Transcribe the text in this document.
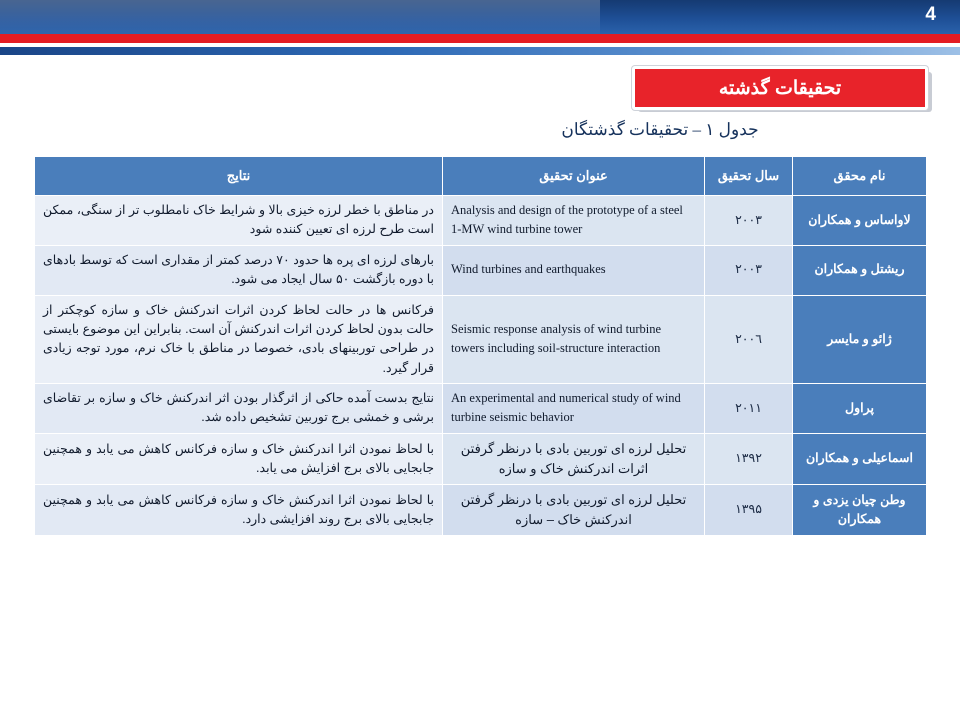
4
تحقیقات گذشته
جدول ۱ – تحقیقات گذشتگان
نام محقق	سال تحقیق	عنوان تحقیق	نتایج
لاواساس و همکاران	۲۰۰۳	Analysis and design of the prototype of a steel 1-MW wind turbine tower	در مناطق با خطر لرزه خیزی بالا و شرایط خاک نامطلوب تر از سنگی، ممکن است طرح لرزه ای تعیین کننده شود
ریشتل و همکاران	۲۰۰۳	Wind turbines and earthquakes	بارهای لرزه ای پره ها حدود ۷۰ درصد کمتر از مقداری است که توسط بادهای با دوره بازگشت ۵۰ سال ایجاد می شود.
ژائو و مایسر	۲۰۰٦	Seismic response analysis of wind turbine towers including soil-structure interaction	فرکانس ها در حالت لحاظ کردن اثرات اندرکنش خاک و سازه کوچکتر از حالت بدون لحاظ کردن اثرات اندرکنش آن است. بنابراین این موضوع بایستی در طراحی توربینهای بادی، خصوصا در مناطق با خاک نرم، مورد توجه زیادی قرار گیرد.
پراول	۲۰۱۱	An experimental and numerical study of wind turbine seismic behavior	نتایج بدست آمده حاکی از اثرگذار بودن اثر اندرکنش خاک و سازه بر تقاضای برشی و خمشی برج توربین تشخیص داده شد.
اسماعیلی و همکاران	۱۳۹۲	تحلیل لرزه ای توربین بادی با درنظر گرفتن اثرات اندرکنش خاک و سازه	با لحاظ نمودن اثرا اندرکنش خاک و سازه فرکانس کاهش می یابد و همچنین جابجایی بالای برج افزایش می یابد.
وطن چیان یزدی و همکاران	۱۳۹۵	تحلیل لرزه ای توربین بادی با درنظر گرفتن اندرکنش خاک – سازه	با لحاظ نمودن اثرا اندرکنش خاک و سازه فرکانس کاهش می یابد و همچنین جابجایی بالای برج روند افزایشی دارد.
